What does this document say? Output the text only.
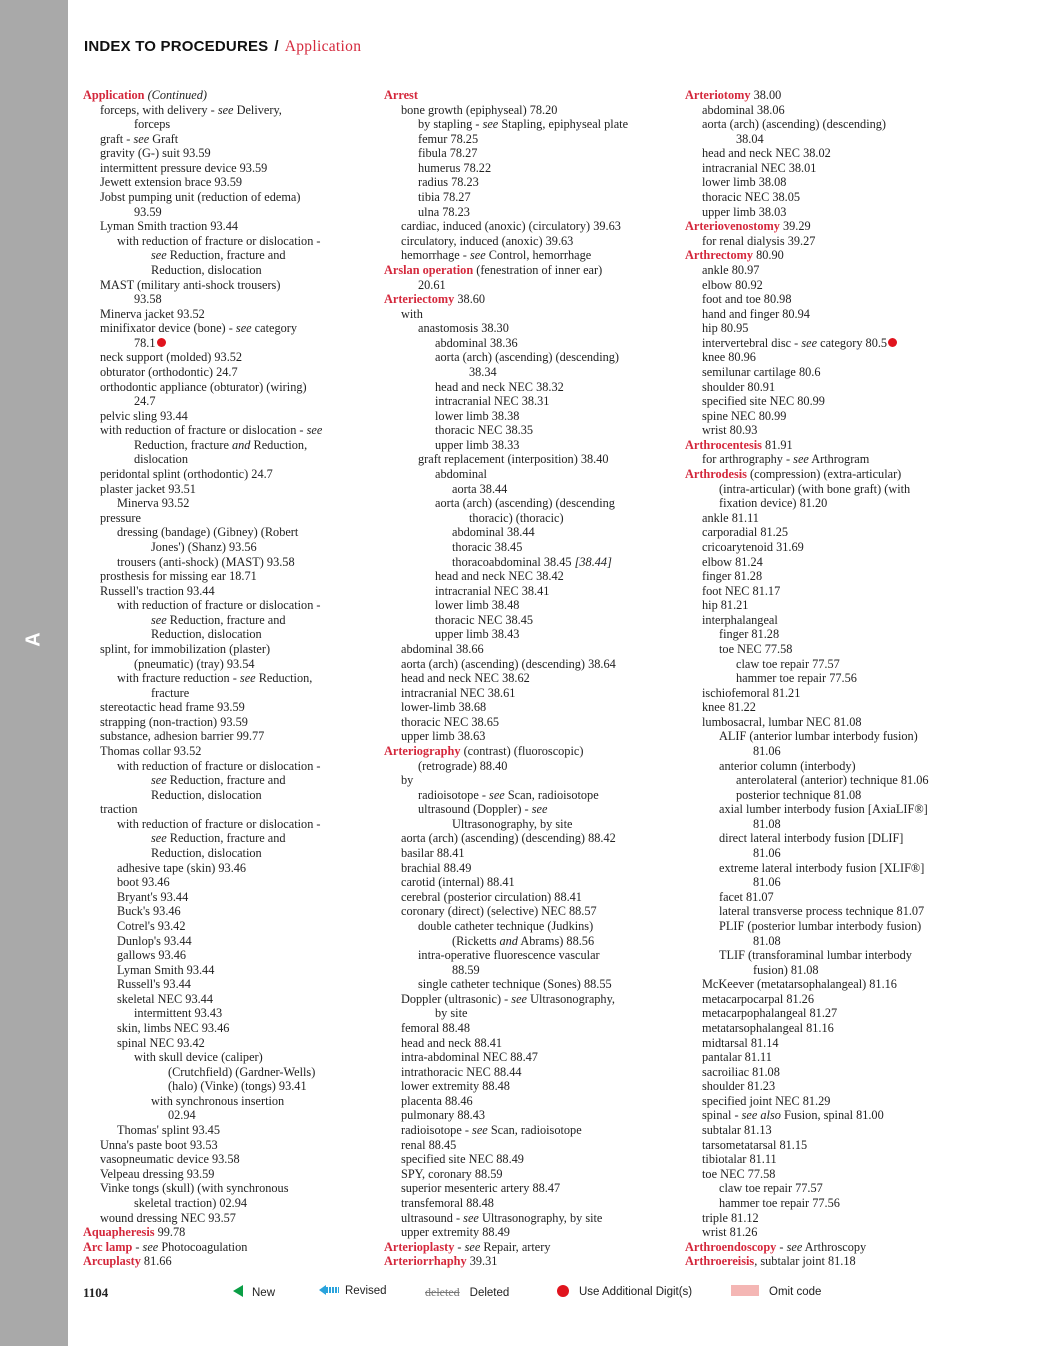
A
INDEX TO PROCEDURES / Application
Application (Continued)
forceps, with delivery - see Delivery,
forceps
graft - see Graft
gravity (G-) suit 93.59
intermittent pressure device 93.59
Jewett extension brace 93.59
Jobst pumping unit (reduction of edema)
93.59
Lyman Smith traction 93.44
with reduction of fracture or dislocation -
see Reduction, fracture and
Reduction, dislocation
MAST (military anti-shock trousers)
93.58
Minerva jacket 93.52
minifixator device (bone) - see category
78.1
neck support (molded) 93.52
obturator (orthodontic) 24.7
orthodontic appliance (obturator) (wiring)
24.7
pelvic sling 93.44
with reduction of fracture or dislocation - see
Reduction, fracture and Reduction,
dislocation
peridontal splint (orthodontic) 24.7
plaster jacket 93.51
Minerva 93.52
pressure
dressing (bandage) (Gibney) (Robert
Jones') (Shanz) 93.56
trousers (anti-shock) (MAST) 93.58
prosthesis for missing ear 18.71
Russell's traction 93.44
with reduction of fracture or dislocation -
see Reduction, fracture and
Reduction, dislocation
splint, for immobilization (plaster)
(pneumatic) (tray) 93.54
with fracture reduction - see Reduction,
fracture
stereotactic head frame 93.59
strapping (non-traction) 93.59
substance, adhesion barrier 99.77
Thomas collar 93.52
with reduction of fracture or dislocation -
see Reduction, fracture and
Reduction, dislocation
traction
with reduction of fracture or dislocation -
see Reduction, fracture and
Reduction, dislocation
adhesive tape (skin) 93.46
boot 93.46
Bryant's 93.44
Buck's 93.46
Cotrel's 93.42
Dunlop's 93.44
gallows 93.46
Lyman Smith 93.44
Russell's 93.44
skeletal NEC 93.44
intermittent 93.43
skin, limbs NEC 93.46
spinal NEC 93.42
with skull device (caliper)
(Crutchfield) (Gardner-Wells)
(halo) (Vinke) (tongs) 93.41
with synchronous insertion
02.94
Thomas' splint 93.45
Unna's paste boot 93.53
vasopneumatic device 93.58
Velpeau dressing 93.59
Vinke tongs (skull) (with synchronous
skeletal traction) 02.94
wound dressing NEC 93.57
Aquapheresis 99.78
Arc lamp - see Photocoagulation
Arcuplasty 81.66
Arrest
bone growth (epiphyseal) 78.20
by stapling - see Stapling, epiphyseal plate
femur 78.25
fibula 78.27
humerus 78.22
radius 78.23
tibia 78.27
ulna 78.23
cardiac, induced (anoxic) (circulatory) 39.63
circulatory, induced (anoxic) 39.63
hemorrhage - see Control, hemorrhage
Arslan operation (fenestration of inner ear)
20.61
Arteriectomy 38.60
with
anastomosis 38.30
abdominal 38.36
aorta (arch) (ascending) (descending)
38.34
head and neck NEC 38.32
intracranial NEC 38.31
lower limb 38.38
thoracic NEC 38.35
upper limb 38.33
graft replacement (interposition) 38.40
abdominal
aorta 38.44
aorta (arch) (ascending) (descending
thoracic) (thoracic)
abdominal 38.44
thoracic 38.45
thoracoabdominal 38.45 [38.44]
head and neck NEC 38.42
intracranial NEC 38.41
lower limb 38.48
thoracic NEC 38.45
upper limb 38.43
abdominal 38.66
aorta (arch) (ascending) (descending) 38.64
head and neck NEC 38.62
intracranial NEC 38.61
lower-limb 38.68
thoracic NEC 38.65
upper limb 38.63
Arteriography (contrast) (fluoroscopic)
(retrograde) 88.40
by
radioisotope - see Scan, radioisotope
ultrasound (Doppler) - see
Ultrasonography, by site
aorta (arch) (ascending) (descending) 88.42
basilar 88.41
brachial 88.49
carotid (internal) 88.41
cerebral (posterior circulation) 88.41
coronary (direct) (selective) NEC 88.57
double catheter technique (Judkins)
(Ricketts and Abrams) 88.56
intra-operative fluorescence vascular
88.59
single catheter technique (Sones) 88.55
Doppler (ultrasonic) - see Ultrasonography,
by site
femoral 88.48
head and neck 88.41
intra-abdominal NEC 88.47
intrathoracic NEC 88.44
lower extremity 88.48
placenta 88.46
pulmonary 88.43
radioisotope - see Scan, radioisotope
renal 88.45
specified site NEC 88.49
SPY, coronary 88.59
superior mesenteric artery 88.47
transfemoral 88.48
ultrasound - see Ultrasonography, by site
upper extremity 88.49
Arterioplasty - see Repair, artery
Arteriorrhaphy 39.31
Arteriotomy 38.00
abdominal 38.06
aorta (arch) (ascending) (descending)
38.04
head and neck NEC 38.02
intracranial NEC 38.01
lower limb 38.08
thoracic NEC 38.05
upper limb 38.03
Arteriovenostomy 39.29
for renal dialysis 39.27
Arthrectomy 80.90
ankle 80.97
elbow 80.92
foot and toe 80.98
hand and finger 80.94
hip 80.95
intervertebral disc - see category 80.5
knee 80.96
semilunar cartilage 80.6
shoulder 80.91
specified site NEC 80.99
spine NEC 80.99
wrist 80.93
Arthrocentesis 81.91
for arthrography - see Arthrogram
Arthrodesis (compression) (extra-articular)
(intra-articular) (with bone graft) (with
fixation device) 81.20
ankle 81.11
carporadial 81.25
cricoarytenoid 31.69
elbow 81.24
finger 81.28
foot NEC 81.17
hip 81.21
interphalangeal
finger 81.28
toe NEC 77.58
claw toe repair 77.57
hammer toe repair 77.56
ischiofemoral 81.21
knee 81.22
lumbosacral, lumbar NEC 81.08
ALIF (anterior lumbar interbody fusion)
81.06
anterior column (interbody)
anterolateral (anterior) technique 81.06
posterior technique 81.08
axial lumber interbody fusion [AxiaLIF®]
81.08
direct lateral interbody fusion [DLIF]
81.06
extreme lateral interbody fusion [XLIF®]
81.06
facet 81.07
lateral transverse process technique 81.07
PLIF (posterior lumbar interbody fusion)
81.08
TLIF (transforaminal lumbar interbody
fusion) 81.08
McKeever (metatarsophalangeal) 81.16
metacarpocarpal 81.26
metacarpophalangeal 81.27
metatarsophalangeal 81.16
midtarsal 81.14
pantalar 81.11
sacroiliac 81.08
shoulder 81.23
specified joint NEC 81.29
spinal - see also Fusion, spinal 81.00
subtalar 81.13
tarsometatarsal 81.15
tibiotalar 81.11
toe NEC 77.58
claw toe repair 77.57
hammer toe repair 77.56
triple 81.12
wrist 81.26
Arthroendoscopy - see Arthroscopy
Arthroereisis, subtalar joint 81.18
1104	New	Revised	deleted Deleted	Use Additional Digit(s)	Omit code
